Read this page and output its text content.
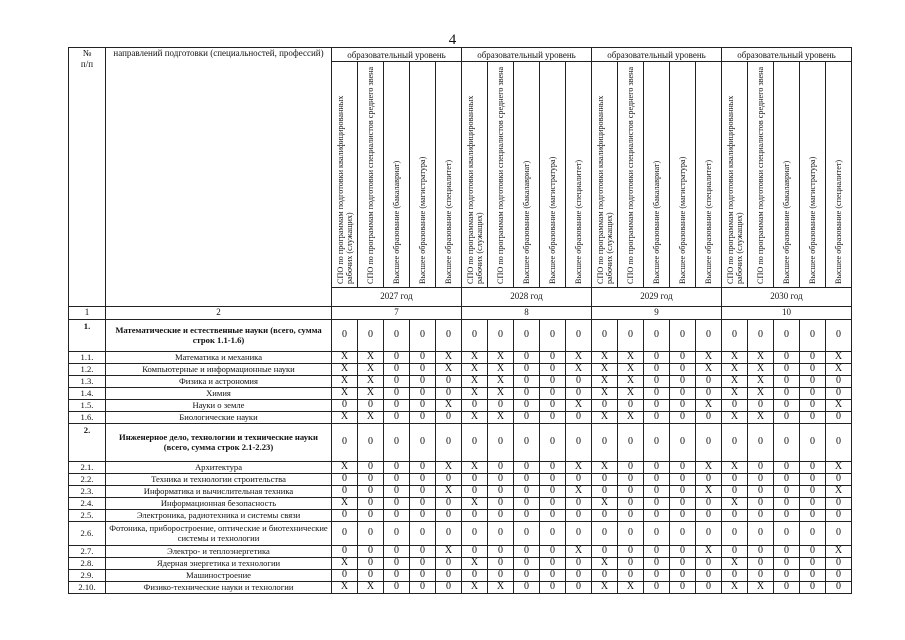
4
№
п/п	направлений подготовки (специальностей, профессий)	образовательный уровень					образовательный уровень					образовательный уровень					образовательный уровень				

		СПО по программам подготовки квалифицированных рабочих (служащих)	СПО по программам подготовки специалистов среднего звена	Высшее образование (бакалавриат)	Высшее образование (магистратура)	Высшее образование (специалитет)	СПО по программам подготовки квалифицированных рабочих (служащих)	СПО по программам подготовки специалистов среднего звена	Высшее образование (бакалавриат)	Высшее образование (магистратура)	Высшее образование (специалитет)	СПО по программам подготовки квалифицированных рабочих (служащих)	СПО по программам подготовки специалистов среднего звена	Высшее образование (бакалавриат)	Высшее образование (магистратура)	Высшее образование (специалитет)	СПО по программам подготовки квалифицированных рабочих (служащих)	СПО по программам подготовки специалистов среднего звена	Высшее образование (бакалавриат)	Высшее образование (магистратура)	Высшее образование (специалитет)

		2027 год					2028 год					2029 год					2030 год				
1	2	7					8					9					10				
1.	Математические и естественные науки (всего, сумма строк 1.1-1.6)	0	0	0	0	0	0	0	0	0	0	0	0	0	0	0	0	0	0	0	0
1.1.	Математика и механика	X	X	0	0	X	X	X	0	0	X	X	X	0	0	X	X	X	0	0	X
1.2.	Компьютерные и информационные науки	X	X	0	0	X	X	X	0	0	X	X	X	0	0	X	X	X	0	0	X
1.3.	Физика и астрономия	X	X	0	0	0	X	X	0	0	0	X	X	0	0	0	X	X	0	0	0
1.4.	Химия	X	X	0	0	0	X	X	0	0	0	X	X	0	0	0	X	X	0	0	0
1.5.	Науки о земле	0	0	0	0	X	0	0	0	0	X	0	0	0	0	X	0	0	0	0	X
1.6.	Биологические науки	X	X	0	0	0	X	X	0	0	0	X	X	0	0	0	X	X	0	0	0
2.	Инженерное дело, технологии и технические науки (всего, сумма строк 2.1-2.23)	0	0	0	0	0	0	0	0	0	0	0	0	0	0	0	0	0	0	0	0
2.1.	Архитектура	X	0	0	0	X	X	0	0	0	X	X	0	0	0	X	X	0	0	0	X
2.2.	Техника и технологии строительства	0	0	0	0	0	0	0	0	0	0	0	0	0	0	0	0	0	0	0	0
2.3.	Информатика и вычислительная техника	0	0	0	0	X	0	0	0	0	X	0	0	0	0	X	0	0	0	0	X
2.4.	Информационная безопасность	X	0	0	0	0	X	0	0	0	0	X	0	0	0	0	X	0	0	0	0
2.5.	Электроника, радиотехника и системы связи	0	0	0	0	0	0	0	0	0	0	0	0	0	0	0	0	0	0	0	0
2.6.	Фотоника, приборостроение, оптические и биотехнические системы и технологии	0	0	0	0	0	0	0	0	0	0	0	0	0	0	0	0	0	0	0	0
2.7.	Электро- и теплоэнергетика	0	0	0	0	X	0	0	0	0	X	0	0	0	0	X	0	0	0	0	X
2.8.	Ядерная энергетика и технологии	X	0	0	0	0	X	0	0	0	0	X	0	0	0	0	X	0	0	0	0
2.9.	Машиностроение	0	0	0	0	0	0	0	0	0	0	0	0	0	0	0	0	0	0	0	0
2.10.	Физико-технические науки и технологии	X	X	0	0	0	X	X	0	0	0	X	X	0	0	0	X	X	0	0	0
